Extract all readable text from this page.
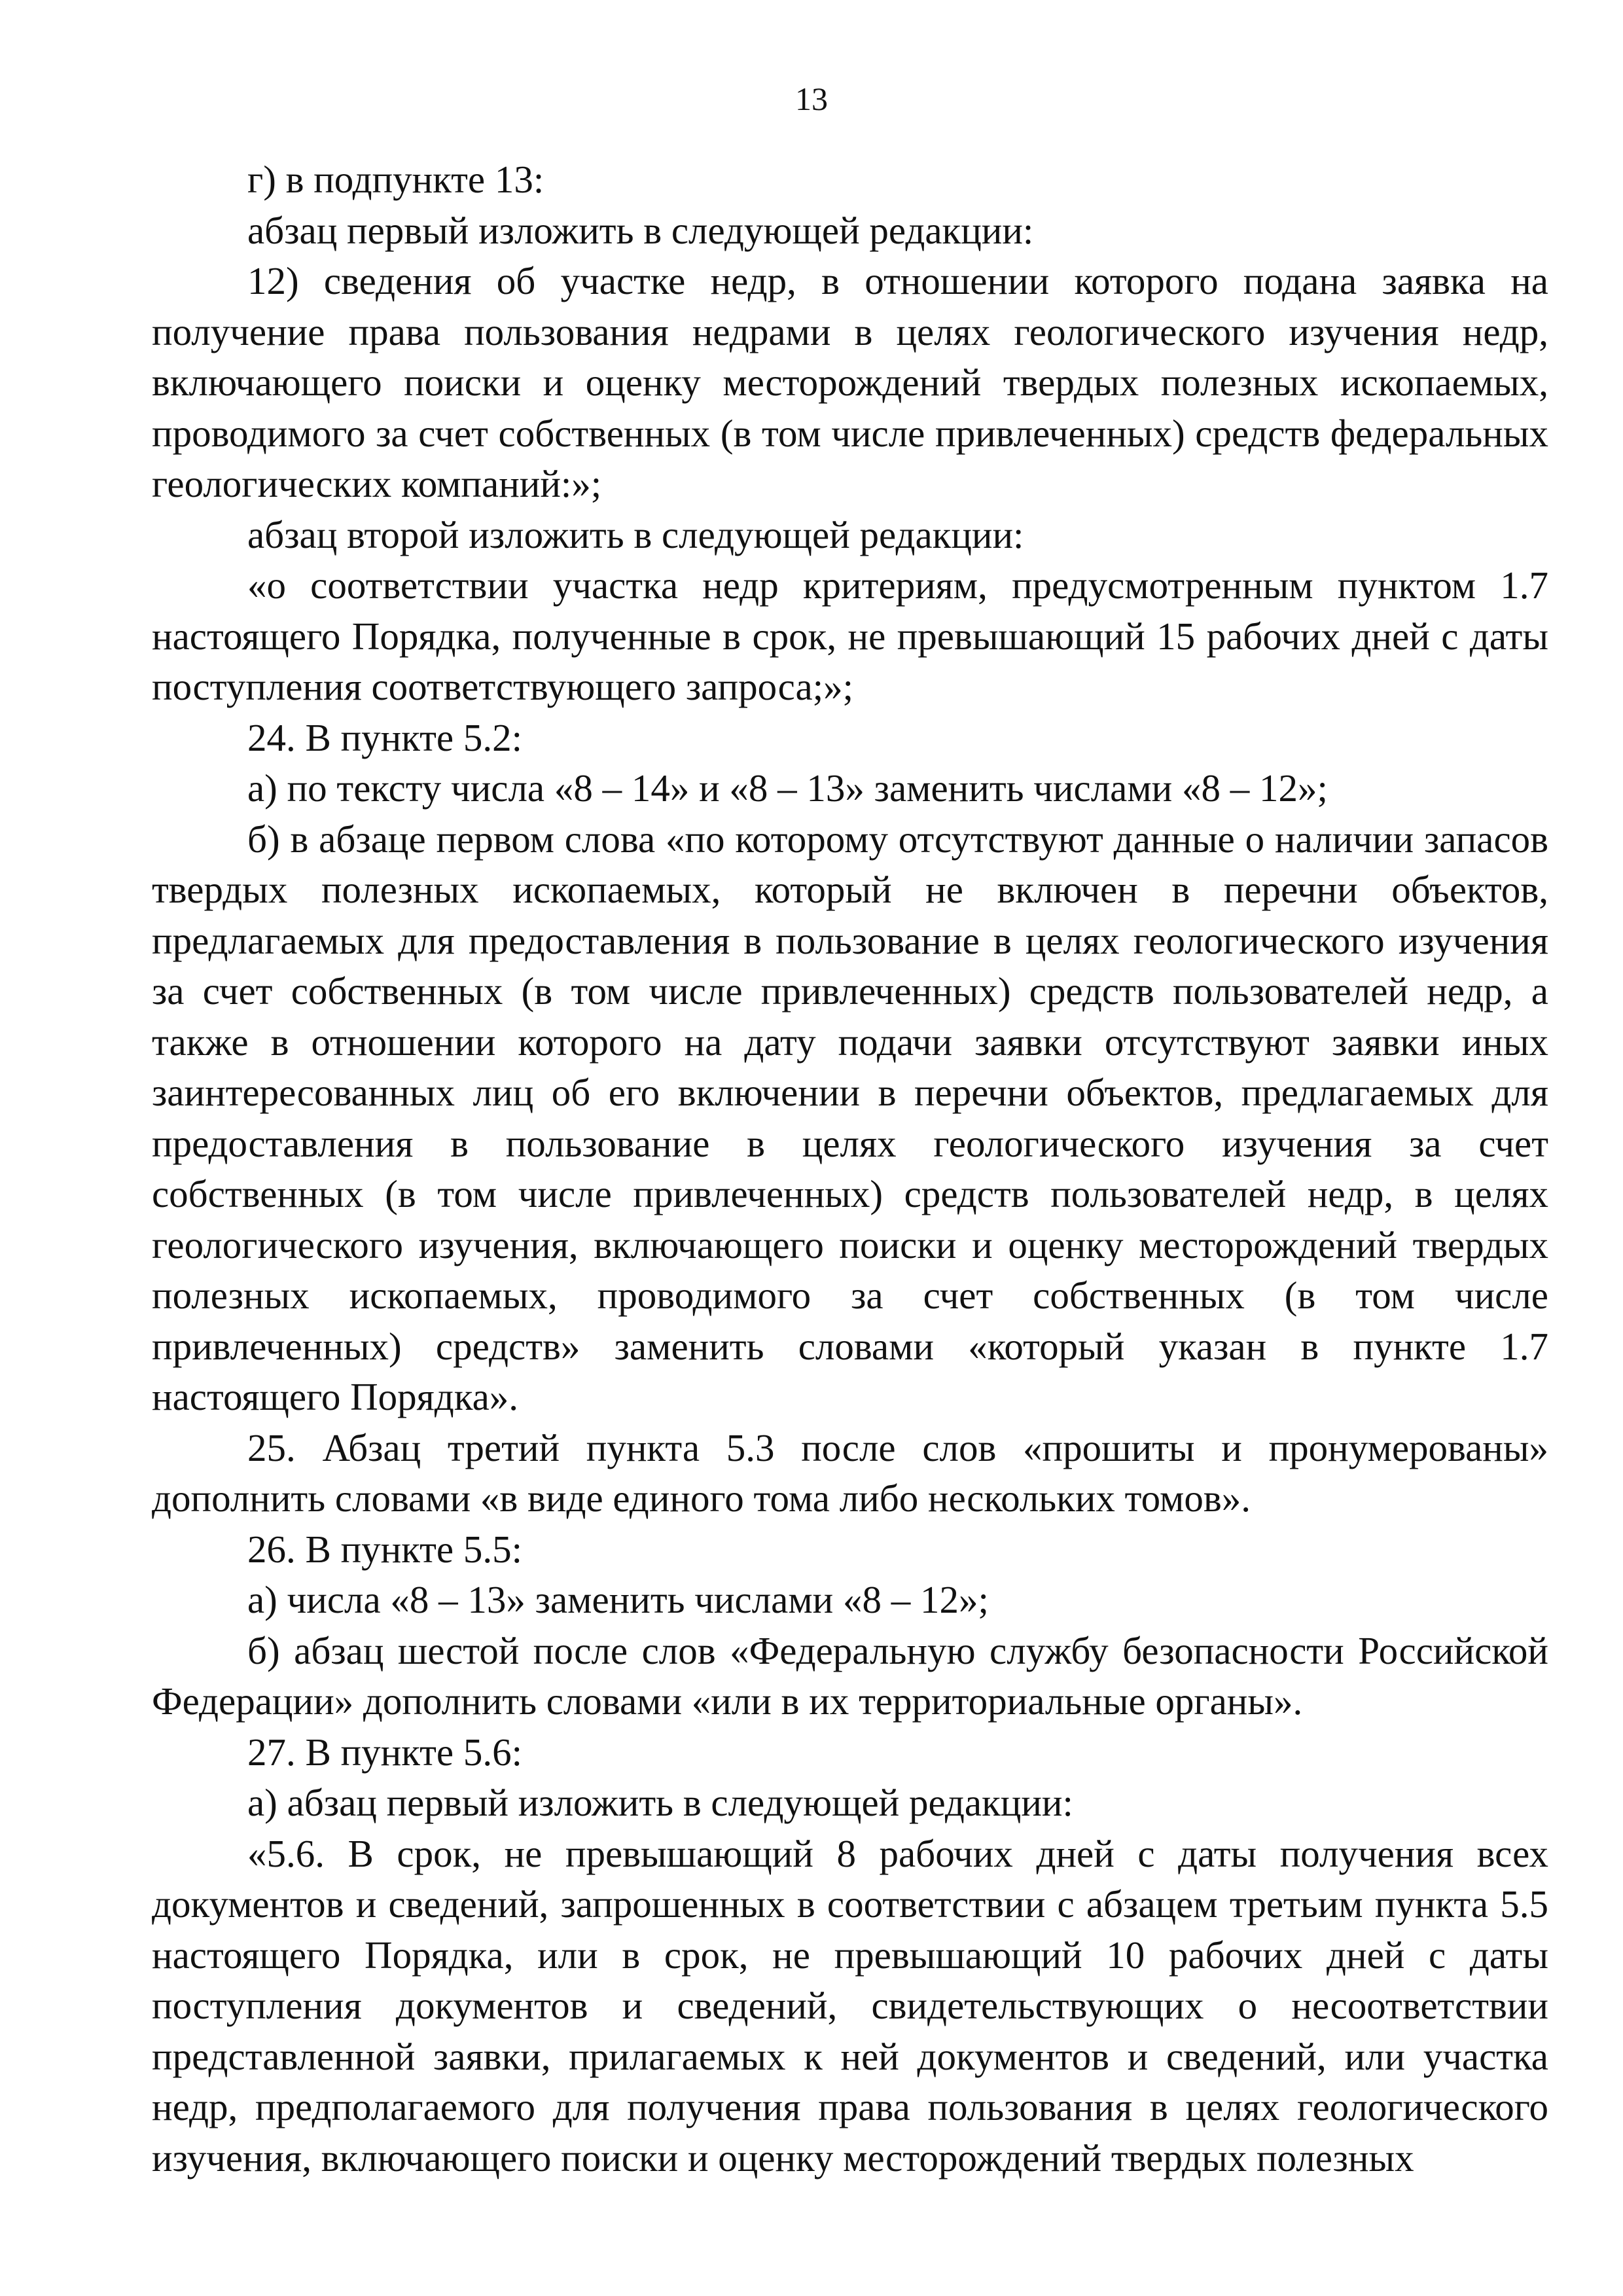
13

г) в подпункте 13:

абзац первый изложить в следующей редакции:

12) сведения об участке недр, в отношении которого подана заявка на получение права пользования недрами в целях геологического изучения недр, включающего поиски и оценку месторождений твердых полезных ископаемых, проводимого за счет собственных (в том числе привлеченных) средств федеральных геологических компаний:»;

абзац второй изложить в следующей редакции:

«о соответствии участка недр критериям, предусмотренным пунктом 1.7 настоящего Порядка, полученные в срок, не превышающий 15 рабочих дней с даты поступления соответствующего запроса;»;

24. В пункте 5.2:

а) по тексту числа «8 – 14» и «8 – 13» заменить числами «8 – 12»;

б) в абзаце первом слова «по которому отсутствуют данные о наличии запасов твердых полезных ископаемых, который не включен в перечни объектов, предлагаемых для предоставления в пользование в целях геологического изучения за счет собственных (в том числе привлеченных) средств пользователей недр, а также в отношении которого на дату подачи заявки отсутствуют заявки иных заинтересованных лиц об его включении в перечни объектов, предлагаемых для предоставления в пользование в целях геологического изучения за счет собственных (в том числе привлеченных) средств пользователей недр, в целях геологического изучения, включающего поиски и оценку месторождений твердых полезных ископаемых, проводимого за счет собственных (в том числе привлеченных) средств» заменить словами «который указан в пункте 1.7 настоящего Порядка».

25. Абзац третий пункта 5.3 после слов «прошиты и пронумерованы» дополнить словами «в виде единого тома либо нескольких томов».

26. В пункте 5.5:

а) числа «8 – 13» заменить числами «8 – 12»;

б) абзац шестой после слов «Федеральную службу безопасности Российской Федерации» дополнить словами «или в их территориальные органы».

27. В пункте 5.6:

а) абзац первый изложить в следующей редакции:

«5.6. В срок, не превышающий 8 рабочих дней с даты получения всех документов и сведений, запрошенных в соответствии с абзацем третьим пункта 5.5 настоящего Порядка, или в срок, не превышающий 10 рабочих дней с даты поступления документов и сведений, свидетельствующих о несоответствии представленной заявки, прилагаемых к ней документов и сведений, или участка недр, предполагаемого для получения права пользования в целях геологического изучения, включающего поиски и оценку месторождений твердых полезных
